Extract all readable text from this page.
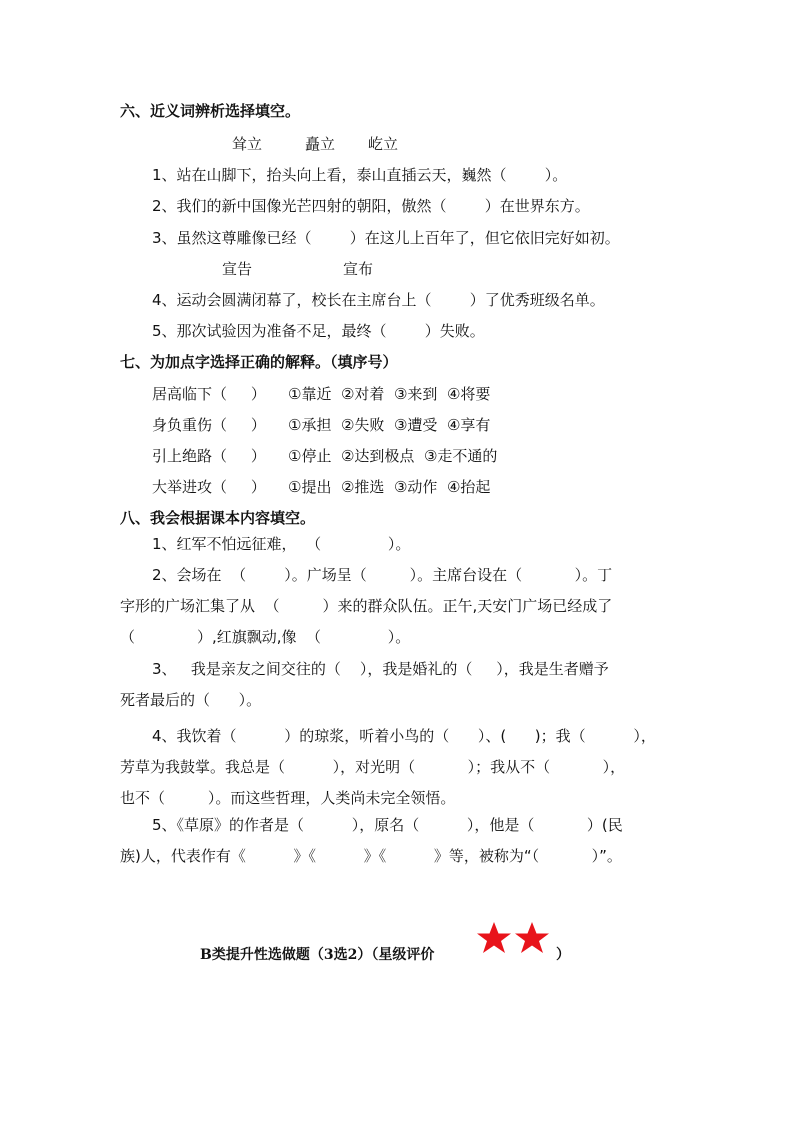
六、近义词辨析选择填空。
耸立	矗立 屹立
1、站在山脚下，抬头向上看，泰山直插云天，巍然（        ）。
2、我们的新中国像光芒四射的朝阳，傲然（        ）在世界东方。
3、虽然这尊雕像已经（        ）在这儿上百年了，但它依旧完好如初。
宣告	宣布
4、运动会圆满闭幕了，校长在主席台上（        ）了优秀班级名单。
5、那次试验因为准备不足，最终（        ）失败。
七、为加点字选择正确的解释。（填序号）
居高临下（     ） ①靠近  ②对着  ③来到  ④将要
身负重伤（     ） ①承担  ②失败  ③遭受  ④享有
引上绝路（     ） ①停止  ②达到极点  ③走不通的
大举进攻（     ） ①提出  ②推选  ③动作  ④抬起
八、我会根据课本内容填空。
1、红军不怕远征难，  （              ）。
2、会场在  （        ）。广场呈（         ）。主席台设在（           ）。丁
字形的广场汇集了从  （         ）来的群众队伍。正午,天安门广场已经成了
（             ）,红旗飘动,像  （              ）。
3、   我是亲友之间交往的（    ），我是婚礼的（     ），我是生者赠予
死者最后的（      ）。
4、我饮着（          ）的琼浆，听着小鸟的（      ）、(      )；我（          ），
芳草为我鼓掌。我总是（          ），对光明（           ）；我从不（           ），
也不（         ）。而这些哲理，人类尚未完全领悟。
5、《草原》的作者是（          ），原名（          ），他是（           ）(民
族)人，代表作有《          》《          》《          》等，被称为“（           ）”。
B类提升性选做题（3选2）（星级评价	）
